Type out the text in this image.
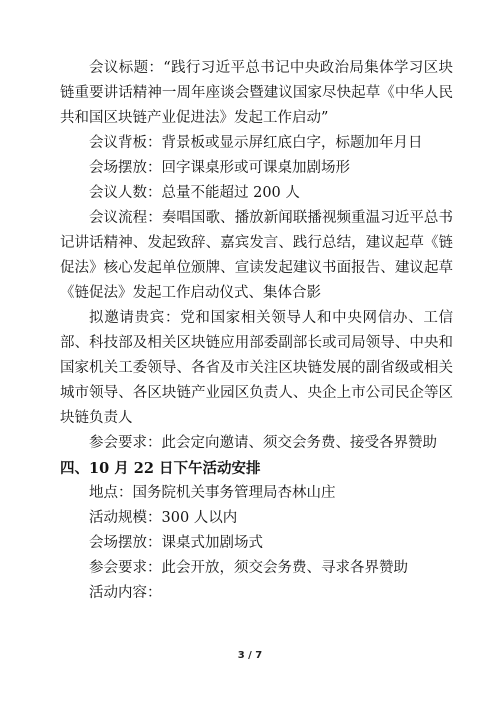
会议标题：“践行习近平总书记中央政治局集体学习区块链重要讲话精神一周年座谈会暨建议国家尽快起草《中华人民共和国区块链产业促进法》发起工作启动”

会议背板：背景板或显示屏红底白字，标题加年月日

会场摆放：回字课桌形或可课桌加剧场形

会议人数：总量不能超过 200 人

会议流程：奏唱国歌、播放新闻联播视频重温习近平总书记讲话精神、发起致辞、嘉宾发言、践行总结，建议起草《链促法》核心发起单位颁牌、宣读发起建议书面报告、建议起草《链促法》发起工作启动仪式、集体合影

拟邀请贵宾：党和国家相关领导人和中央网信办、工信部、科技部及相关区块链应用部委副部长或司局领导、中央和国家机关工委领导、各省及市关注区块链发展的副省级或相关城市领导、各区块链产业园区负责人、央企上市公司民企等区块链负责人

参会要求：此会定向邀请、须交会务费、接受各界赞助

四、10 月 22 日下午活动安排

地点：国务院机关事务管理局杏林山庄

活动规模：300 人以内

会场摆放：课桌式加剧场式

参会要求：此会开放，须交会务费、寻求各界赞助

活动内容：

3 / 7
